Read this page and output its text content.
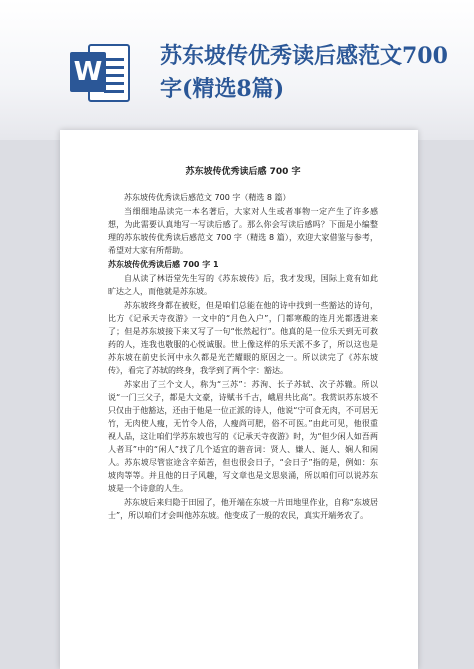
W
苏东坡传优秀读后感范文700字(精选8篇)
苏东坡传优秀读后感 700 字
苏东坡传优秀读后感范文 700 字（精选 8 篇）
当细细地品读完一本名著后，大家对人生或者事物一定产生了许多感想，为此需要认真地写一写读后感了。那么你会写读后感吗？下面是小编整理的苏东坡传优秀读后感范文 700 字（精选 8 篇），欢迎大家借鉴与参考，希望对大家有所帮助。
苏东坡传优秀读后感 700 字 1
自从读了林语堂先生写的《苏东坡传》后，我才发现，国际上竟有如此旷达之人，而他就是苏东坡。
苏东坡终身都在被贬，但是咱们总能在他的诗中找到一些豁达的诗句，比方《记承天寺夜游》一文中的“月色入户”，门都寒酸的连月光都透进来了；但是苏东坡接下来又写了一句“怅然起行”。他真的是一位乐天到无可救药的人，连我也敬服的心悦诚服。世上像这样的乐天派不多了，所以这也是苏东坡在前史长河中永久都是光芒耀眼的原因之一。所以读完了《苏东坡传》，看完了苏轼的终身，我学到了两个字：豁达。
苏家出了三个文人，称为“三苏”：苏洵、长子苏轼、次子苏辙。所以说“一门三父子，都是大文豪，诗赋书千古，峨眉共比高”。我赏识苏东坡不只仅由于他豁达，还由于他是一位正派的诗人，他说“宁可食无肉，不可居无竹，无肉使人瘦，无竹令人俗，人瘦尚可肥，俗不可医。”由此可见，他很重视人品，这让咱们学苏东坡也写的《记承天寺夜游》时，为“但少闲人如吾两人者耳”中的“闲人”找了几个适宜的谐音词：贤人、嫌人、涎人、娴人和闲人。苏东坡尽管宦途含辛茹苦，但也很会日子，“会日子”指的是，例如：东坡肉等等。并且他的日子风趣，写文章也是文思泉涌，所以咱们可以说苏东坡是一个诗意的人生。
苏东坡后来归隐于田园了，他开端在东坡一片田地里作业，自称“东坡居士”，所以咱们才会叫他苏东坡。他变成了一般的农民，真实开端务农了。
